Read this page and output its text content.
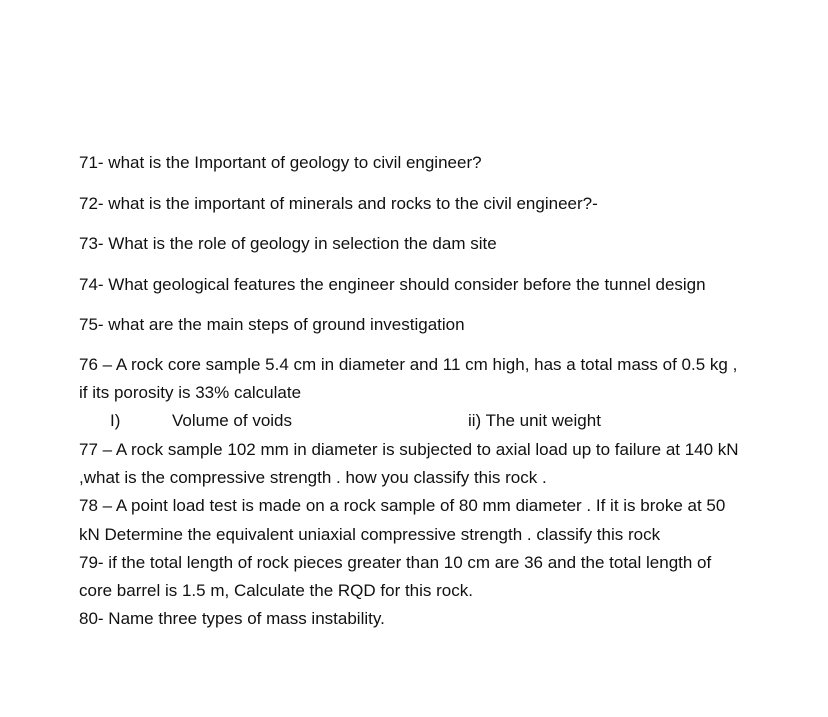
71- what is the Important of geology to civil engineer?

72- what is the important of minerals and rocks to the civil engineer?-

73- What is the role of geology in selection the dam site

74- What geological features the engineer should consider before the tunnel design

75- what are the main steps of ground investigation

76 – A rock core sample 5.4 cm in diameter and 11 cm high, has a total mass of 0.5 kg ,

if its porosity is 33% calculate

I)	Volume of voids	ii) The unit weight

77 – A rock sample 102 mm in diameter is subjected to axial load up to failure at 140 kN

,what is the compressive strength . how you classify this rock .

78 – A point load test is made on a rock sample of 80 mm diameter . If it is broke at 50

kN Determine the equivalent uniaxial compressive strength . classify this rock

79- if the total length of rock pieces greater than 10 cm are 36 and the total length of

core barrel is 1.5 m, Calculate the RQD for this rock.

80- Name three types of mass instability.
